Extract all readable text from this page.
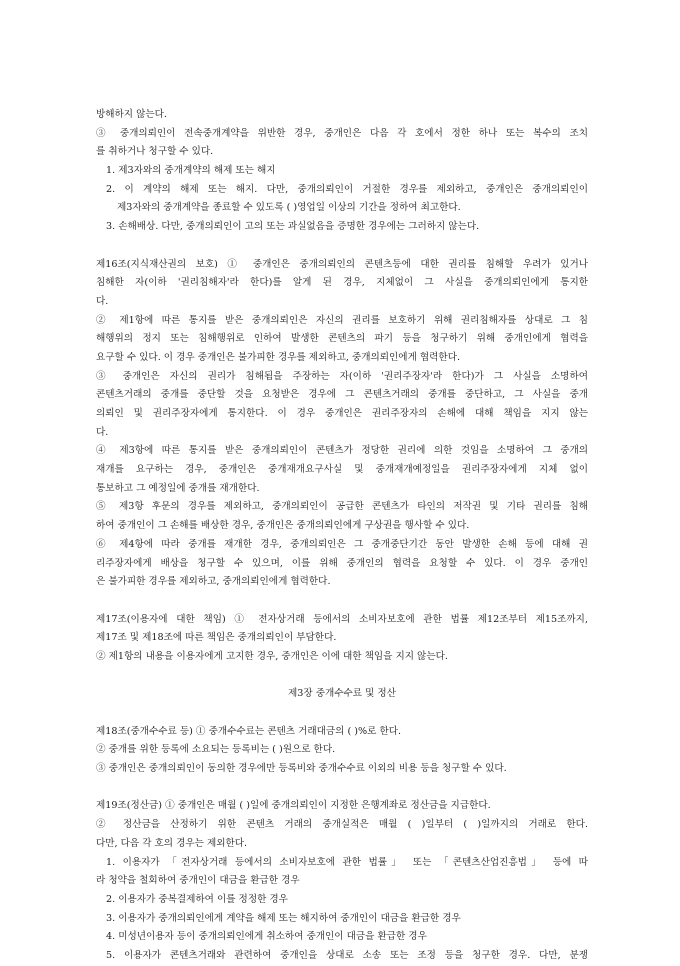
방해하지 않는다.
③ 중개의뢰인이 전속중개계약을 위반한 경우, 중개인은 다음 각 호에서 정한 하나 또는 복수의 조치
를 취하거나 청구할 수 있다.
1. 제3자와의 중개계약의 해제 또는 해지
2. 이 계약의 해제 또는 해지. 다만, 중개의뢰인이 거절한 경우를 제외하고, 중개인은 중개의뢰인이
제3자와의 중개계약을 종료할 수 있도록 ( )영업일 이상의 기간을 정하여 최고한다.
3. 손해배상. 다만, 중개의뢰인이 고의 또는 과실없음을 증명한 경우에는 그러하지 않는다.
제16조(지식재산권의 보호) ① 중개인은 중개의뢰인의 콘텐츠등에 대한 권리를 침해할 우려가 있거나
침해한 자(이하 '권리침해자'라 한다)를 알게 된 경우, 지체없이 그 사실을 중개의뢰인에게 통지한
다.
② 제1항에 따른 통지를 받은 중개의뢰인은 자신의 권리를 보호하기 위해 권리침해자를 상대로 그 침
해행위의 정지 또는 침해행위로 인하여 발생한 콘텐츠의 파기 등을 청구하기 위해 중개인에게 협력을
요구할 수 있다. 이 경우 중개인은 불가피한 경우를 제외하고, 중개의뢰인에게 협력한다.
③ 중개인은 자신의 권리가 침해됨을 주장하는 자(이하 '권리주장자'라 한다)가 그 사실을 소명하여
콘텐츠거래의 중개를 중단할 것을 요청받은 경우에 그 콘텐츠거래의 중개를 중단하고, 그 사실을 중개
의뢰인 및 권리주장자에게 통지한다. 이 경우 중개인은 권리주장자의 손해에 대해 책임을 지지 않는
다.
④ 제3항에 따른 통지를 받은 중개의뢰인이 콘텐츠가 정당한 권리에 의한 것임을 소명하여 그 중개의
재개를 요구하는 경우, 중개인은 중개재개요구사실 및 중개재개예정일을 권리주장자에게 지체 없이
통보하고 그 예정일에 중개를 재개한다.
⑤ 제3항 후문의 경우를 제외하고, 중개의뢰인이 공급한 콘텐츠가 타인의 저작권 및 기타 권리를 침해
하여 중개인이 그 손해를 배상한 경우, 중개인은 중개의뢰인에게 구상권을 행사할 수 있다.
⑥ 제4항에 따라 중개를 재개한 경우, 중개의뢰인은 그 중개중단기간 동안 발생한 손해 등에 대해 권
리주장자에게 배상을 청구할 수 있으며, 이를 위해 중개인의 협력을 요청할 수 있다. 이 경우 중개인
은 불가피한 경우를 제외하고, 중개의뢰인에게 협력한다.
제17조(이용자에 대한 책임) ① 전자상거래 등에서의 소비자보호에 관한 법률 제12조부터 제15조까지,
제17조 및 제18조에 따른 책임은 중개의뢰인이 부담한다.
② 제1항의 내용을 이용자에게 고지한 경우, 중개인은 이에 대한 책임을 지지 않는다.
제3장 중개수수료 및 정산
제18조(중개수수료 등) ① 중개수수료는 콘텐츠 거래대금의 ( )%로 한다.
② 중개를 위한 등록에 소요되는 등록비는 ( )원으로 한다.
③ 중개인은 중개의뢰인이 동의한 경우에만 등록비와 중개수수료 이외의 비용 등을 청구할 수 있다.
제19조(정산금) ① 중개인은 매월 ( )일에 중개의뢰인이 지정한 은행계좌로 정산금을 지급한다.
② 정산금을 산정하기 위한 콘텐츠 거래의 중개실적은 매월 ( )일부터 ( )일까지의 거래로 한다.
다만, 다음 각 호의 경우는 제외한다.
1. 이용자가 「전자상거래 등에서의 소비자보호에 관한 법률」 또는 「콘텐츠산업진흥법」 등에 따
라 청약을 철회하여 중개인이 대금을 환급한 경우
2. 이용자가 중복결제하여 이를 정정한 경우
3. 이용자가 중개의뢰인에게 계약을 해제 또는 해지하여 중개인이 대금을 환급한 경우
4. 미성년이용자 등이 중개의뢰인에게 취소하여 중개인이 대금을 환급한 경우
5. 이용자가 콘텐츠거래와 관련하여 중개인을 상대로 소송 또는 조정 등을 청구한 경우. 다만, 분쟁
